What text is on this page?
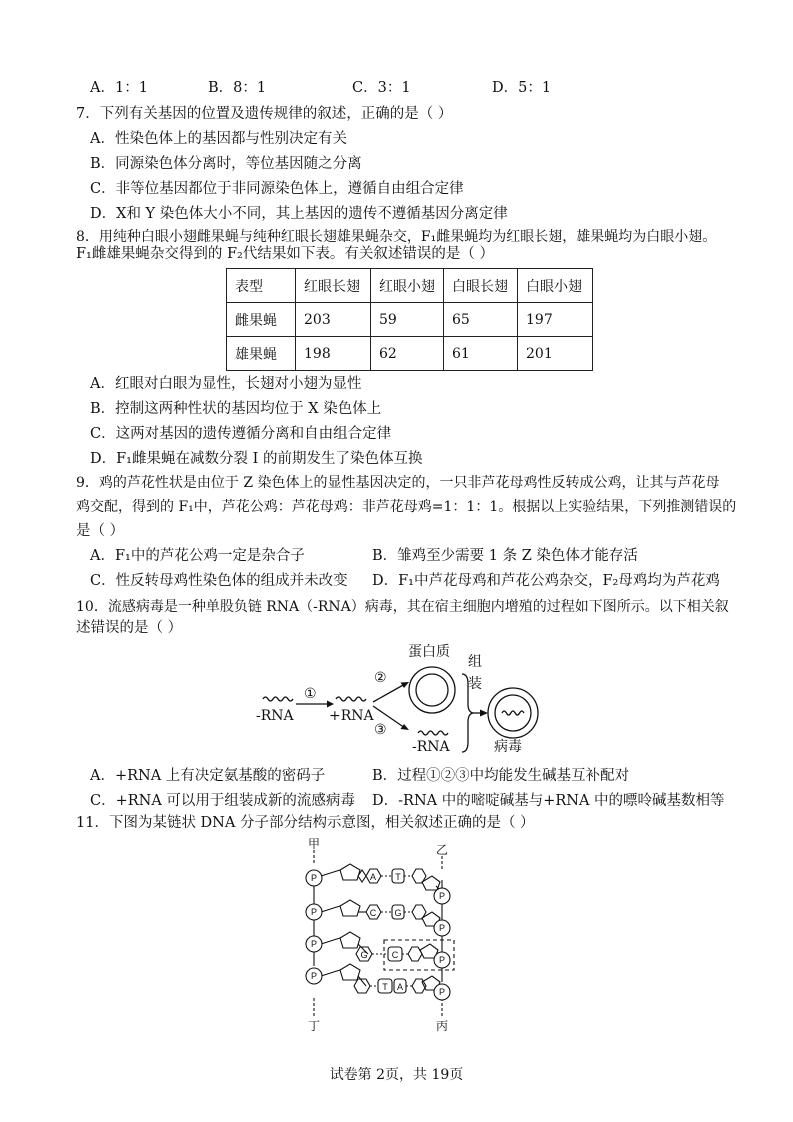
A．1：1	B．8：1	C．3：1	D．5：1
7．下列有关基因的位置及遗传规律的叙述，正确的是（ ）
A．性染色体上的基因都与性别决定有关
B．同源染色体分离时，等位基因随之分离
C．非等位基因都位于非同源染色体上，遵循自由组合定律
D．X和 Y 染色体大小不同，其上基因的遗传不遵循基因分离定律
8．用纯种白眼小翅雌果蝇与纯种红眼长翅雄果蝇杂交，F₁雌果蝇均为红眼长翅，雄果蝇均为白眼小翅。
F₁雌雄果蝇杂交得到的 F₂代结果如下表。有关叙述错误的是（ ）
表型	红眼长翅	红眼小翅	白眼长翅	白眼小翅
雌果蝇	203	59	65	197
雄果蝇	198	62	61	201
A．红眼对白眼为显性，长翅对小翅为显性
B．控制这两种性状的基因均位于 X 染色体上
C．这两对基因的遗传遵循分离和自由组合定律
D．F₁雌果蝇在减数分裂 I 的前期发生了染色体互换
9．鸡的芦花性状是由位于 Z 染色体上的显性基因决定的，一只非芦花母鸡性反转成公鸡，让其与芦花母
鸡交配，得到的 F₁中，芦花公鸡：芦花母鸡：非芦花母鸡=1：1：1。根据以上实验结果，下列推测错误的
是（ ）
A．F₁中的芦花公鸡一定是杂合子	B．雏鸡至少需要 1 条 Z 染色体才能存活
C．性反转母鸡性染色体的组成并未改变 D．F₁中芦花母鸡和芦花公鸡杂交，F₂母鸡均为芦花鸡
10．流感病毒是一种单股负链 RNA（-RNA）病毒，其在宿主细胞内增殖的过程如下图所示。以下相关叙
述错误的是（ ）
-RNA	+RNA
①
②
③
蛋白质
组
装
-RNA	病毒
A．+RNA 上有决定氨基酸的密码子	B．过程①②③中均能发生碱基互补配对
C．+RNA 可以用于组装成新的流感病毒 D．-RNA 中的嘧啶碱基与+RNA 中的嘌呤碱基数相等
11．下图为某链状 DNA 分子部分结构示意图，相关叙述正确的是（ ）
P
P
P
P
P
P
P
P
A T
C G
G	C
T A
甲	乙
丁	丙
试卷第 2页，共 19页
